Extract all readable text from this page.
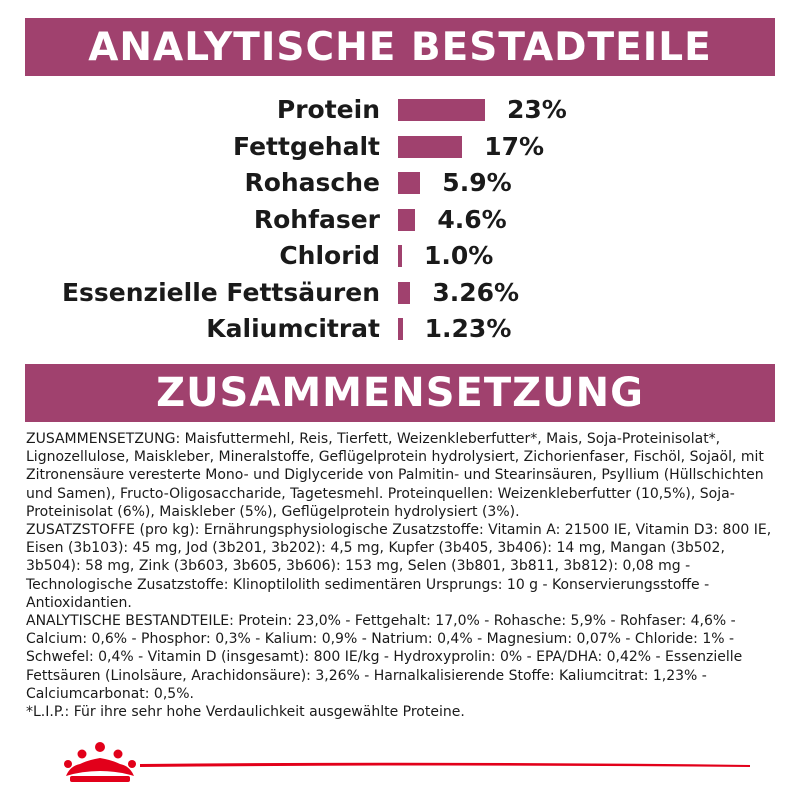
ANALYTISCHE BESTADTEILE
Protein	23%
Fettgehalt	17%
Rohasche 5.9%
Rohfaser 4.6%
Chlorid 1.0%
Essenzielle Fettsäuren 3.26%
Kaliumcitrat 1.23%
ZUSAMMENSETZUNG

ZUSAMMENSETZUNG: Maisfuttermehl, Reis, Tierfett, Weizenkleberfutter*, Mais, Soja-Proteinisolat*, Lignozellulose, Maiskleber, Mineralstoffe, Geflügelprotein hydrolysiert, Zichorienfaser, Fischöl, Sojaöl, mit Zitronensäure veresterte Mono- und Diglyceride von Palmitin- und Stearinsäuren, Psyllium (Hüllschichten und Samen), Fructo-Oligosaccharide, Tagetesmehl. Proteinquellen: Weizenkleberfutter (10,5%), Soja-Proteinisolat (6%), Maiskleber (5%), Geflügelprotein hydrolysiert (3%).

ZUSATZSTOFFE (pro kg): Ernährungsphysiologische Zusatzstoffe: Vitamin A: 21500 IE, Vitamin D3: 800 IE, Eisen (3b103): 45 mg, Jod (3b201, 3b202): 4,5 mg, Kupfer (3b405, 3b406): 14 mg, Mangan (3b502, 3b504): 58 mg, Zink (3b603, 3b605, 3b606): 153 mg, Selen (3b801, 3b811, 3b812): 0,08 mg - Technologische Zusatzstoffe: Klinoptilolith sedimentären Ursprungs: 10 g - Konservierungsstoffe - Antioxidantien.

ANALYTISCHE BESTANDTEILE: Protein: 23,0% - Fettgehalt: 17,0% - Rohasche: 5,9% - Rohfaser: 4,6% - Calcium: 0,6% - Phosphor: 0,3% - Kalium: 0,9% - Natrium: 0,4% - Magnesium: 0,07% - Chloride: 1% - Schwefel: 0,4% - Vitamin D (insgesamt): 800 IE/kg - Hydroxyprolin: 0% - EPA/DHA: 0,42% - Essenzielle Fettsäuren (Linolsäure, Arachidonsäure): 3,26% - Harnalkalisierende Stoffe: Kaliumcitrat: 1,23% - Calciumcarbonat: 0,5%.

*L.I.P.: Für ihre sehr hohe Verdaulichkeit ausgewählte Proteine.
